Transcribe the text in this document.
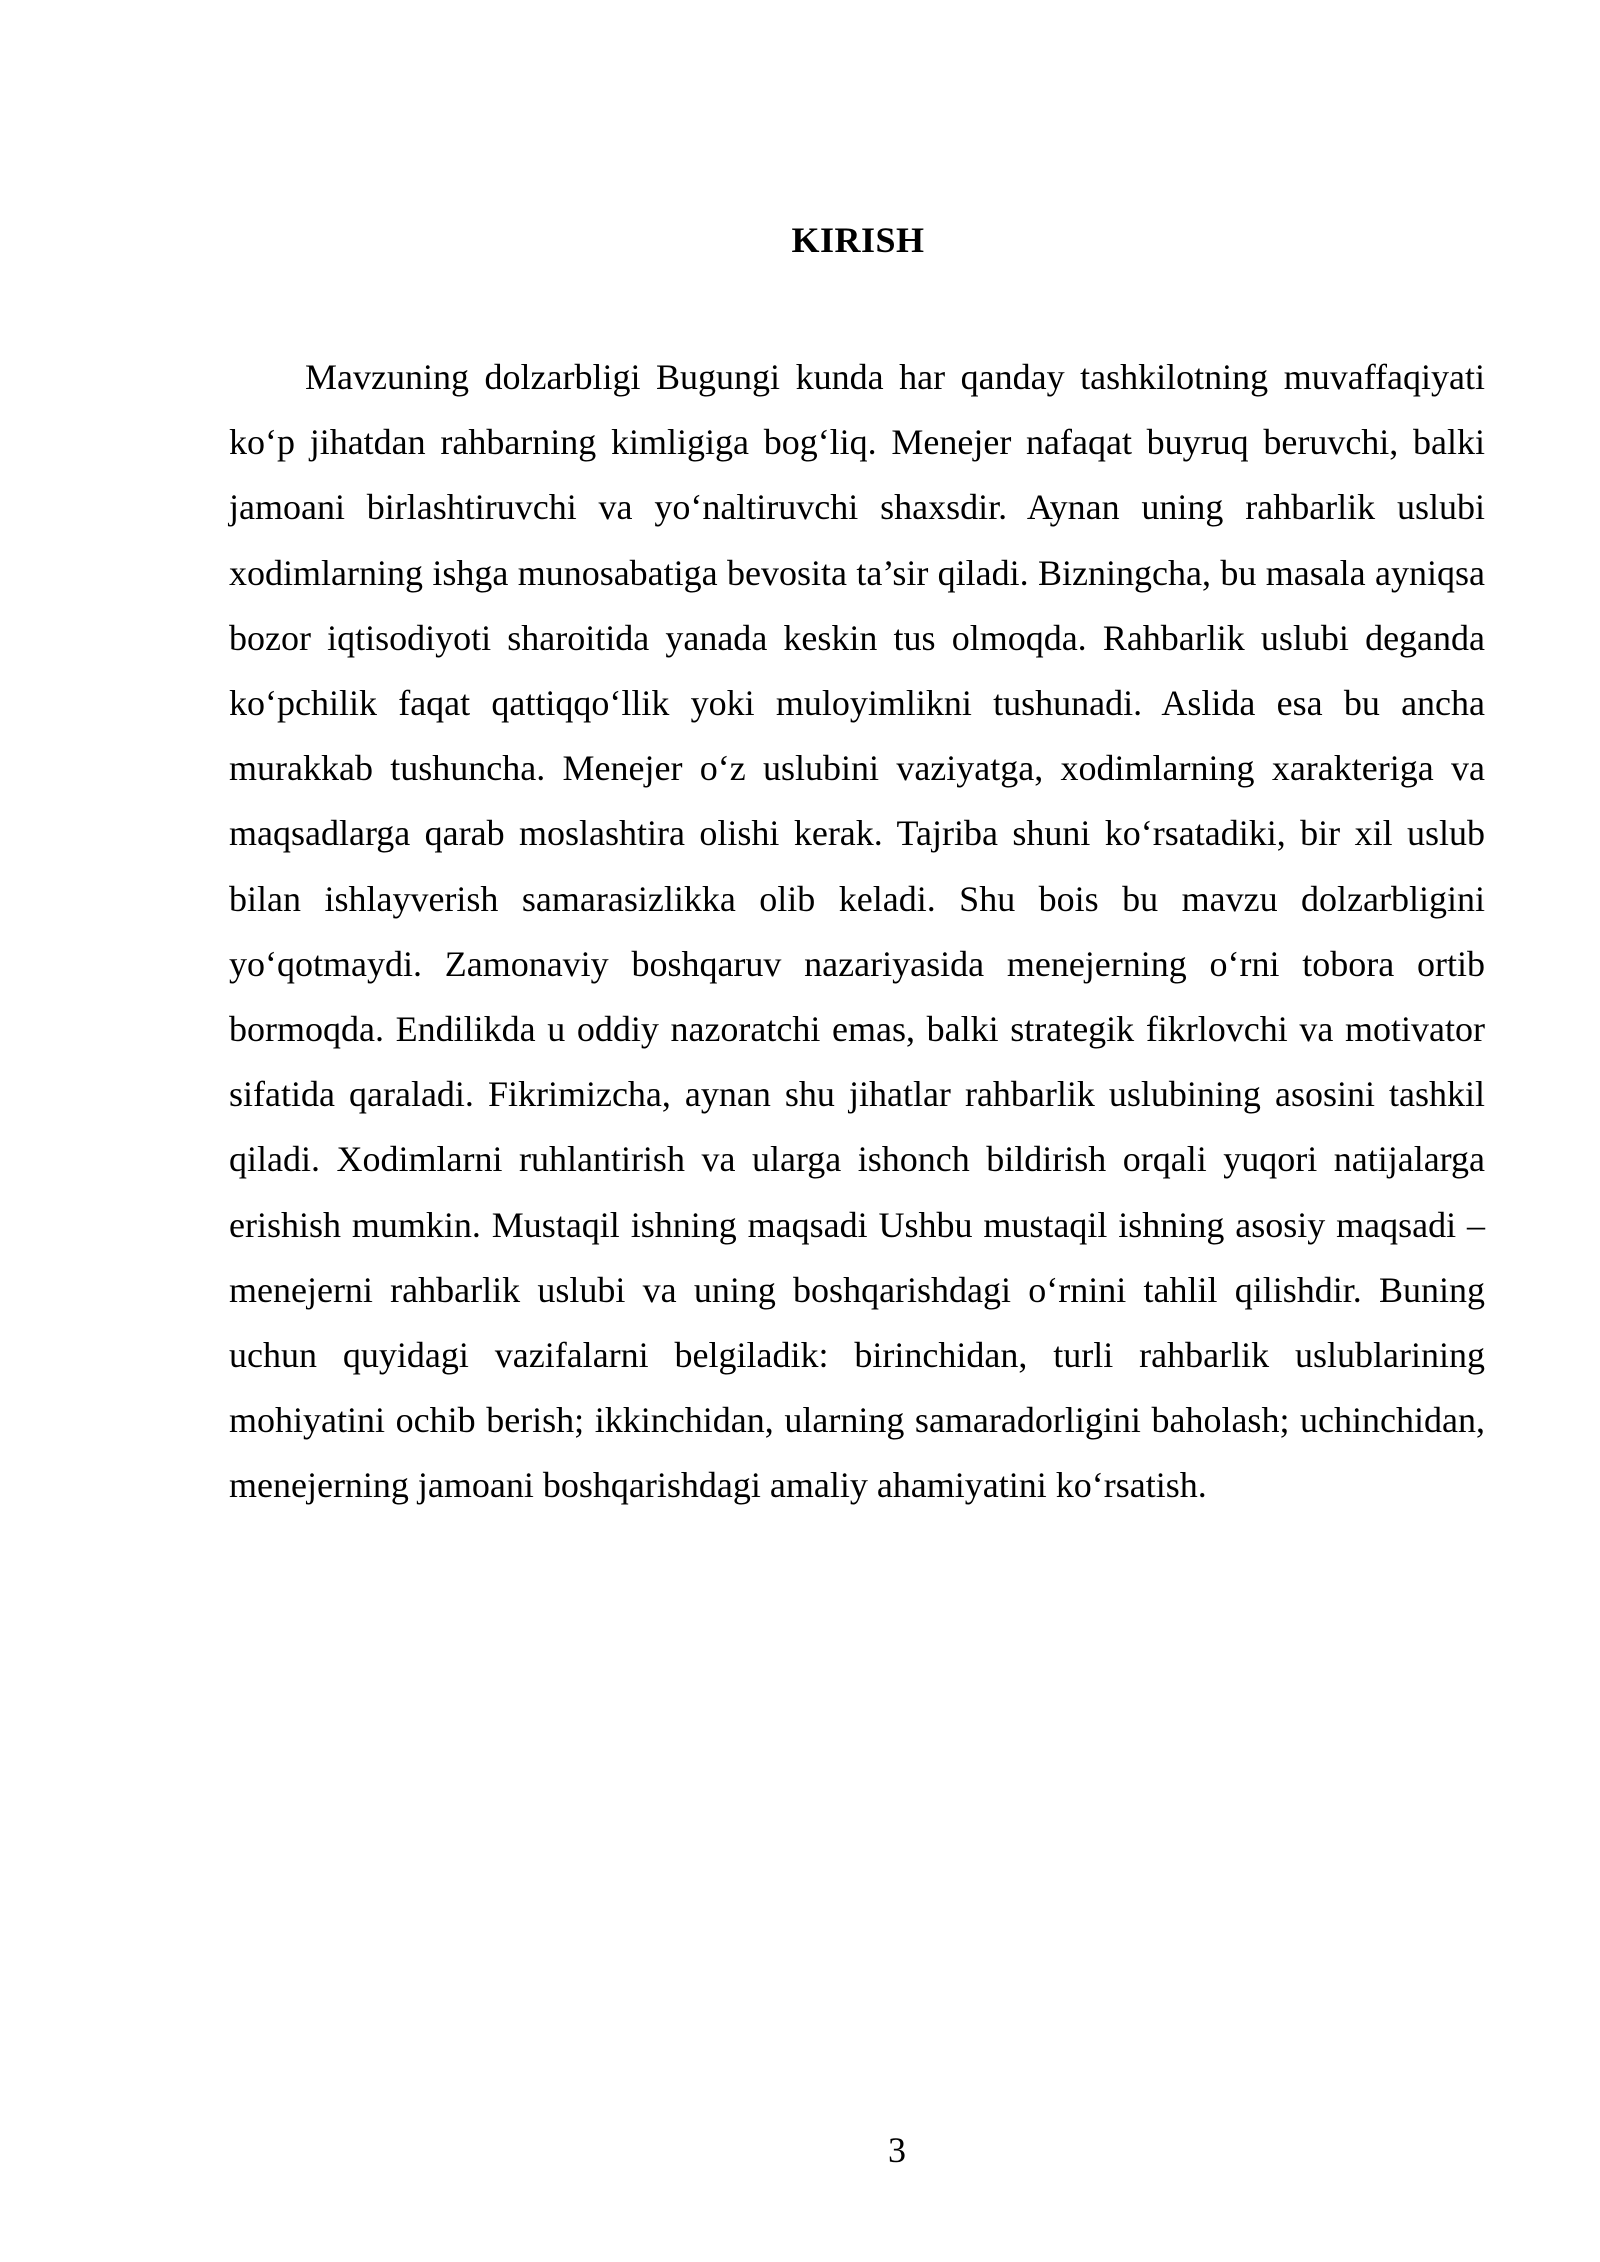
KIRISH

Mavzuning dolzarbligi Bugungi kunda har qanday tashkilotning muvaffaqiyati ko‘p jihatdan rahbarning kimligiga bog‘liq. Menejer nafaqat buyruq beruvchi, balki jamoani birlashtiruvchi va yo‘naltiruvchi shaxsdir. Aynan uning rahbarlik uslubi xodimlarning ishga munosabatiga bevosita ta’sir qiladi. Bizningcha, bu masala ayniqsa bozor iqtisodiyoti sharoitida yanada keskin tus olmoqda. Rahbarlik uslubi deganda ko‘pchilik faqat qattiqqo‘llik yoki muloyimlikni tushunadi. Aslida esa bu ancha murakkab tushuncha. Menejer o‘z uslubini vaziyatga, xodimlarning xarakteriga va maqsadlarga qarab moslashtira olishi kerak. Tajriba shuni ko‘rsatadiki, bir xil uslub bilan ishlayverish samarasizlikka olib keladi. Shu bois bu mavzu dolzarbligini yo‘qotmaydi. Zamonaviy boshqaruv nazariyasida menejerning o‘rni tobora ortib bormoqda. Endilikda u oddiy nazoratchi emas, balki strategik fikrlovchi va motivator sifatida qaraladi. Fikrimizcha, aynan shu jihatlar rahbarlik uslubining asosini tashkil qiladi. Xodimlarni ruhlantirish va ularga ishonch bildirish orqali yuqori natijalarga erishish mumkin. Mustaqil ishning maqsadi Ushbu mustaqil ishning asosiy maqsadi – menejerni rahbarlik uslubi va uning boshqarishdagi o‘rnini tahlil qilishdir. Buning uchun quyidagi vazifalarni belgiladik: birinchidan, turli rahbarlik uslublarining mohiyatini ochib berish; ikkinchidan, ularning samaradorligini baholash; uchinchidan, menejerning jamoani boshqarishdagi amaliy ahamiyatini ko‘rsatish.

3
